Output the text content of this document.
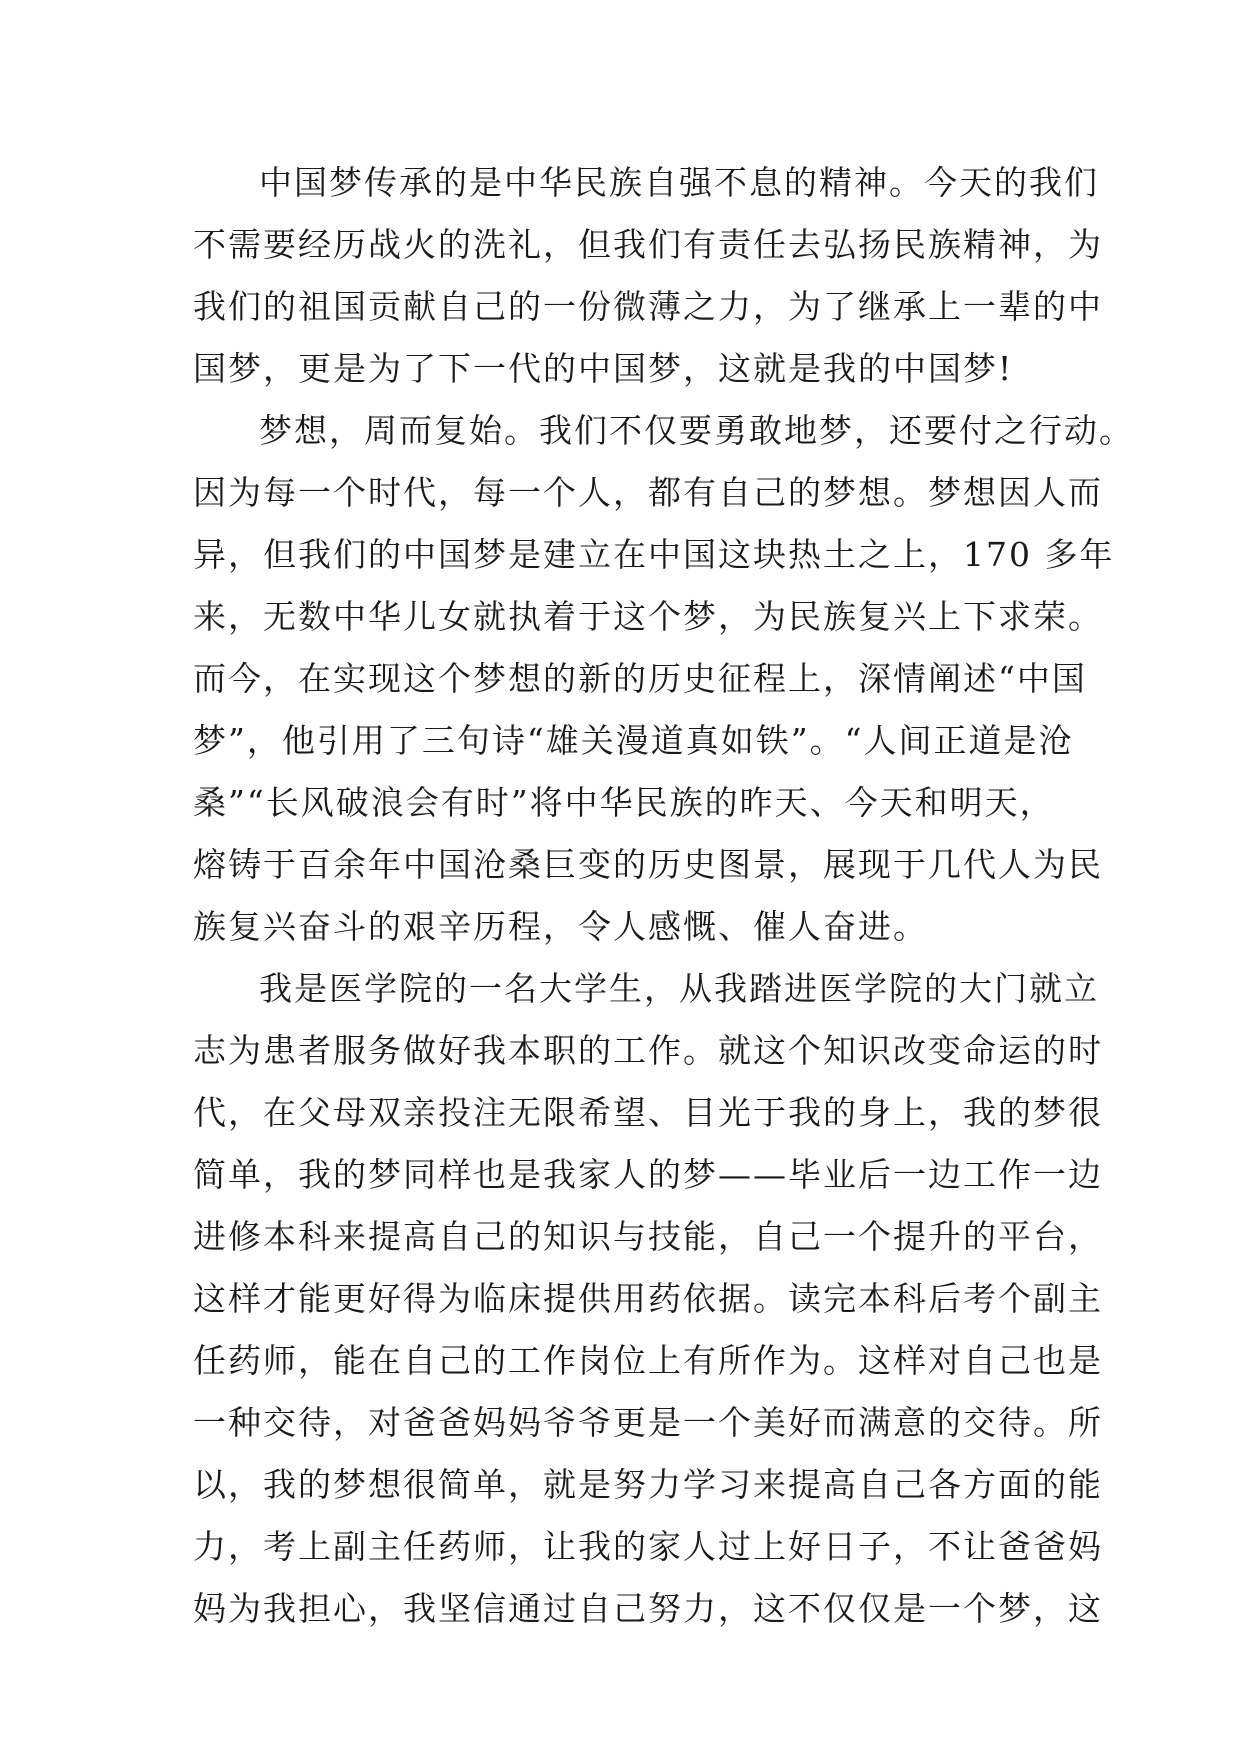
中国梦传承的是中华民族自强不息的精神。今天的我们
不需要经历战火的洗礼，但我们有责任去弘扬民族精神，为
我们的祖国贡献自己的一份微薄之力，为了继承上一辈的中
国梦，更是为了下一代的中国梦，这就是我的中国梦!
梦想，周而复始。我们不仅要勇敢地梦，还要付之行动。
因为每一个时代，每一个人，都有自己的梦想。梦想因人而
异，但我们的中国梦是建立在中国这块热土之上，170 多年
来，无数中华儿女就执着于这个梦，为民族复兴上下求荣。
而今，在实现这个梦想的新的历史征程上，深情阐述“中国
梦”，他引用了三句诗“雄关漫道真如铁”。“人间正道是沧
桑”“长风破浪会有时”将中华民族的昨天、今天和明天，
熔铸于百余年中国沧桑巨变的历史图景，展现于几代人为民
族复兴奋斗的艰辛历程，令人感慨、催人奋进。
我是医学院的一名大学生，从我踏进医学院的大门就立
志为患者服务做好我本职的工作。就这个知识改变命运的时
代，在父母双亲投注无限希望、目光于我的身上，我的梦很
简单，我的梦同样也是我家人的梦——毕业后一边工作一边
进修本科来提高自己的知识与技能，自己一个提升的平台，
这样才能更好得为临床提供用药依据。读完本科后考个副主
任药师，能在自己的工作岗位上有所作为。这样对自己也是
一种交待，对爸爸妈妈爷爷更是一个美好而满意的交待。所
以，我的梦想很简单，就是努力学习来提高自己各方面的能
力，考上副主任药师，让我的家人过上好日子，不让爸爸妈
妈为我担心，我坚信通过自己努力，这不仅仅是一个梦，这
